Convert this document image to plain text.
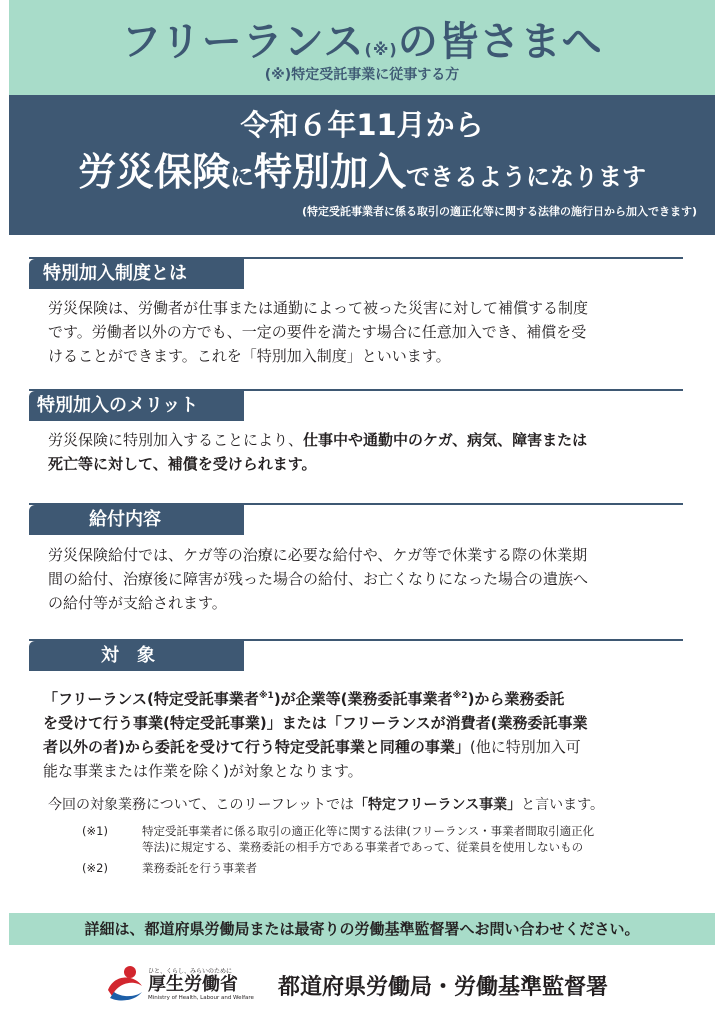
フリーランス(※)の皆さまへ
(※)特定受託事業に従事する方
令和６年11月から
労災保険に特別加入できるようになります
(特定受託事業者に係る取引の適正化等に関する法律の施行日から加入できます)
特別加入制度とは
労災保険は、労働者が仕事または通勤によって被った災害に対して補償する制度
です。労働者以外の方でも、一定の要件を満たす場合に任意加入でき、補償を受
けることができます。これを「特別加入制度」といいます。
特別加入のメリット
労災保険に特別加入することにより、仕事中や通勤中のケガ、病気、障害または
死亡等に対して、補償を受けられます。
給付内容
労災保険給付では、ケガ等の治療に必要な給付や、ケガ等で休業する際の休業期
間の給付、治療後に障害が残った場合の給付、お亡くなりになった場合の遺族へ
の給付等が支給されます。
対　象
「フリーランス(特定受託事業者$^{※1}$)が企業等(業務委託事業者$^{※2}$)から業務委託
を受けて行う事業(特定受託事業)」または「フリーランスが消費者(業務委託事業
者以外の者)から委託を受けて行う特定受託事業と同種の事業」(他に特別加入可
能な事業または作業を除く)が対象となります。
今回の対象業務について、このリーフレットでは「特定フリーランス事業」と言います。
(※1)	特定受託事業者に係る取引の適正化等に関する法律(フリーランス・事業者間取引適正化
等法)に規定する、業務委託の相手方である事業者であって、従業員を使用しないもの
(※2)	業務委託を行う事業者
詳細は、都道府県労働局または最寄りの労働基準監督署へお問い合わせください。
ひと、くらし、みらいのために
厚生労働省
Ministry of Health, Labour and Welfare 都道府県労働局・労働基準監督署
